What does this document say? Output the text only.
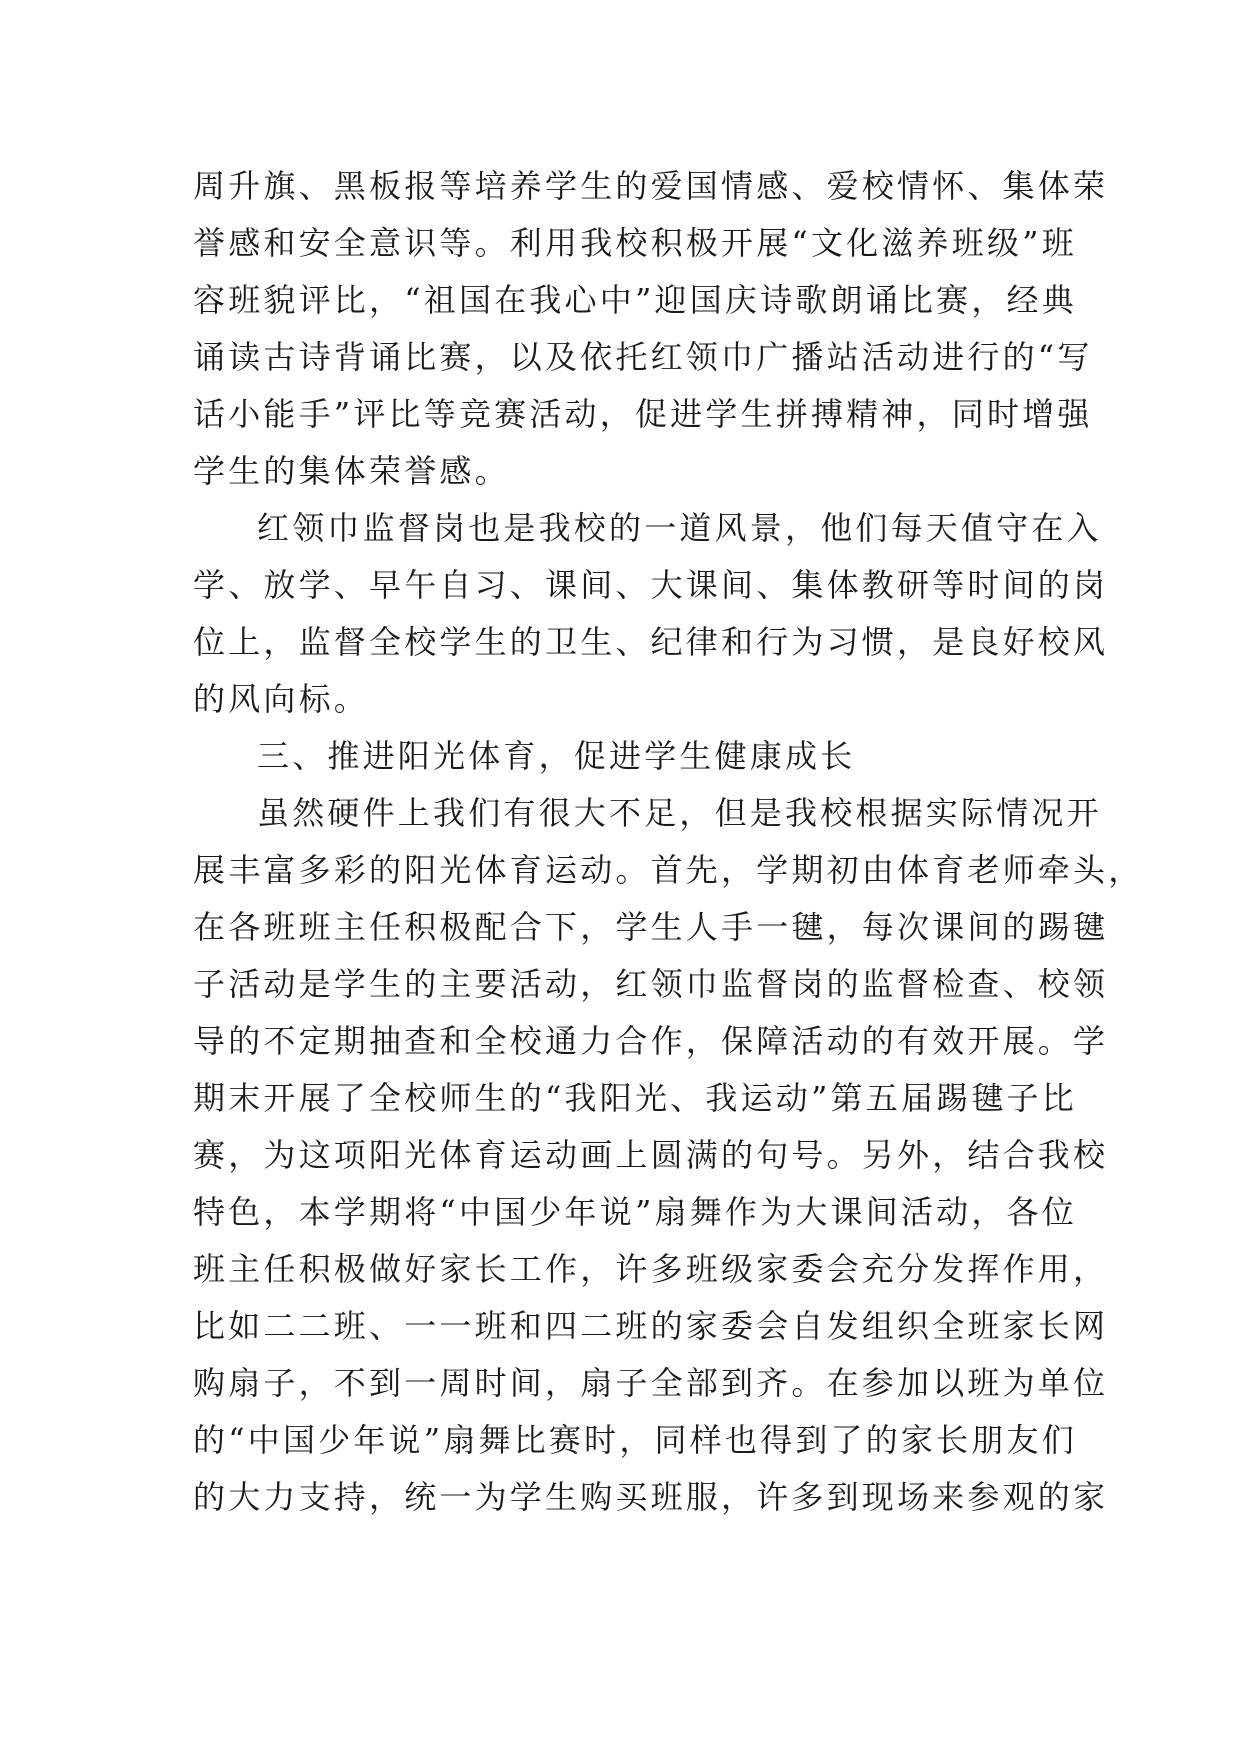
周升旗、黑板报等培养学生的爱国情感、爱校情怀、集体荣
誉感和安全意识等。利用我校积极开展“文化滋养班级”班
容班貌评比，“祖国在我心中”迎国庆诗歌朗诵比赛，经典
诵读古诗背诵比赛，以及依托红领巾广播站活动进行的“写
话小能手”评比等竞赛活动，促进学生拼搏精神，同时增强
学生的集体荣誉感。
红领巾监督岗也是我校的一道风景，他们每天值守在入
学、放学、早午自习、课间、大课间、集体教研等时间的岗
位上，监督全校学生的卫生、纪律和行为习惯，是良好校风
的风向标。
三、推进阳光体育，促进学生健康成长
虽然硬件上我们有很大不足，但是我校根据实际情况开
展丰富多彩的阳光体育运动。首先，学期初由体育老师牵头，
在各班班主任积极配合下，学生人手一毽，每次课间的踢毽
子活动是学生的主要活动，红领巾监督岗的监督检查、校领
导的不定期抽查和全校通力合作，保障活动的有效开展。学
期末开展了全校师生的“我阳光、我运动”第五届踢毽子比
赛，为这项阳光体育运动画上圆满的句号。另外，结合我校
特色，本学期将“中国少年说”扇舞作为大课间活动，各位
班主任积极做好家长工作，许多班级家委会充分发挥作用，
比如二二班、一一班和四二班的家委会自发组织全班家长网
购扇子，不到一周时间，扇子全部到齐。在参加以班为单位
的“中国少年说”扇舞比赛时，同样也得到了的家长朋友们
的大力支持，统一为学生购买班服，许多到现场来参观的家
